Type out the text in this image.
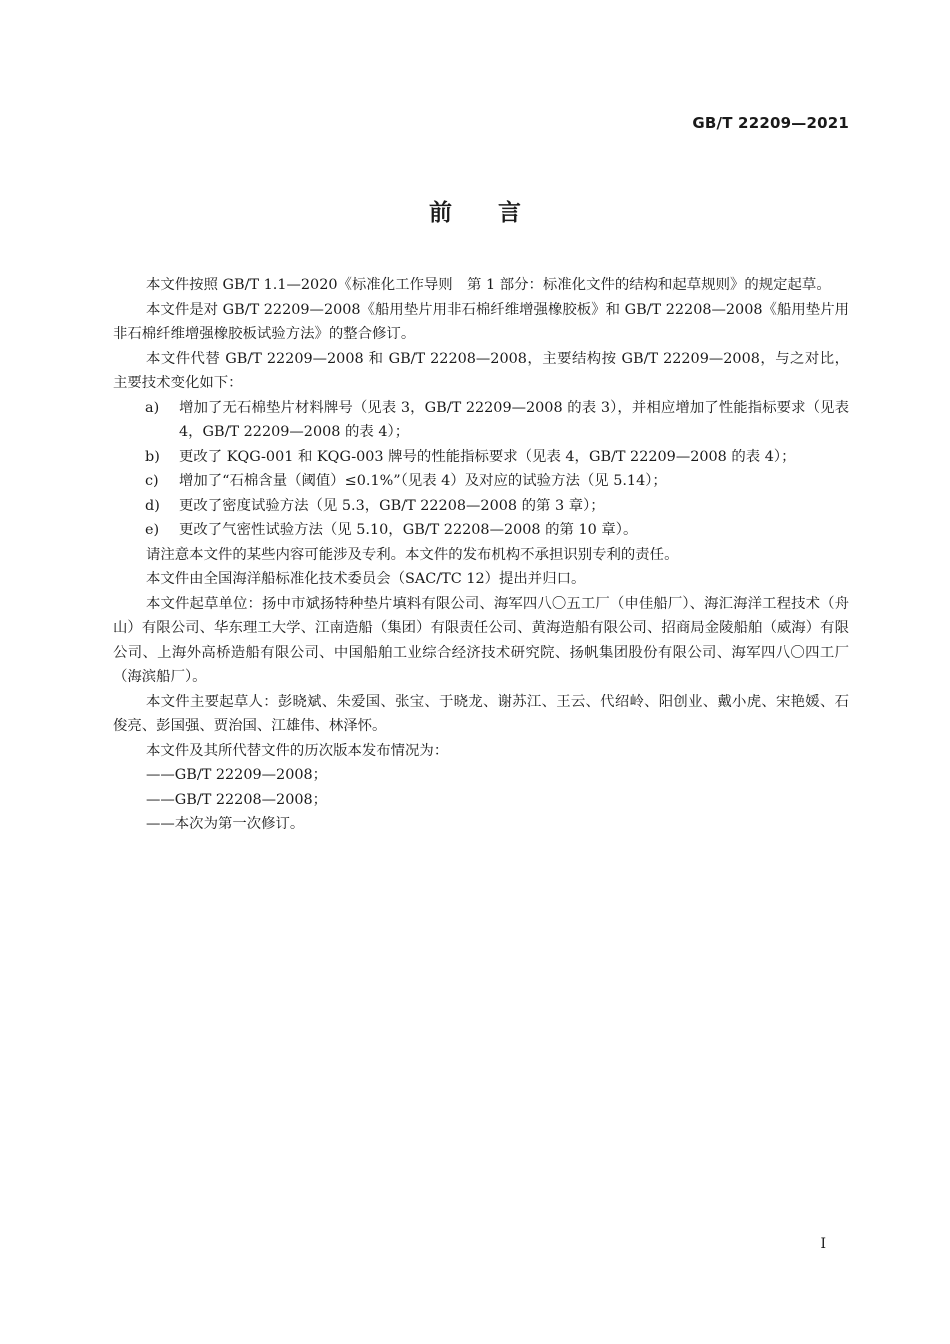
GB/T 22209—2021
前 言

本文件按照 GB/T 1.1—2020《标准化工作导则　第 1 部分：标准化文件的结构和起草规则》的规定起草。

本文件是对 GB/T 22209—2008《船用垫片用非石棉纤维增强橡胶板》和 GB/T 22208—2008《船用垫片用非石棉纤维增强橡胶板试验方法》的整合修订。

本文件代替 GB/T 22209—2008 和 GB/T 22208—2008，主要结构按 GB/T 22209—2008，与之对比，主要技术变化如下：

a) 增加了无石棉垫片材料牌号（见表 3，GB/T 22209—2008 的表 3），并相应增加了性能指标要求（见表 4，GB/T 22209—2008 的表 4）；

b) 更改了 KQG-001 和 KQG-003 牌号的性能指标要求（见表 4，GB/T 22209—2008 的表 4）；

c) 增加了“石棉含量（阈值）≤0.1%”（见表 4）及对应的试验方法（见 5.14）；

d) 更改了密度试验方法（见 5.3，GB/T 22208—2008 的第 3 章）；

e) 更改了气密性试验方法（见 5.10，GB/T 22208—2008 的第 10 章）。

请注意本文件的某些内容可能涉及专利。本文件的发布机构不承担识别专利的责任。

本文件由全国海洋船标准化技术委员会（SAC/TC 12）提出并归口。

本文件起草单位：扬中市斌扬特种垫片填料有限公司、海军四八〇五工厂（申佳船厂）、海汇海洋工程技术（舟山）有限公司、华东理工大学、江南造船（集团）有限责任公司、黄海造船有限公司、招商局金陵船舶（威海）有限公司、上海外高桥造船有限公司、中国船舶工业综合经济技术研究院、扬帆集团股份有限公司、海军四八〇四工厂（海滨船厂）。

本文件主要起草人：彭晓斌、朱爱国、张宝、于晓龙、谢苏江、王云、代绍岭、阳创业、戴小虎、宋艳媛、石俊亮、彭国强、贾治国、江雄伟、林泽怀。

本文件及其所代替文件的历次版本发布情况为：

——GB/T 22209—2008；

——GB/T 22208—2008；

——本次为第一次修订。

I
